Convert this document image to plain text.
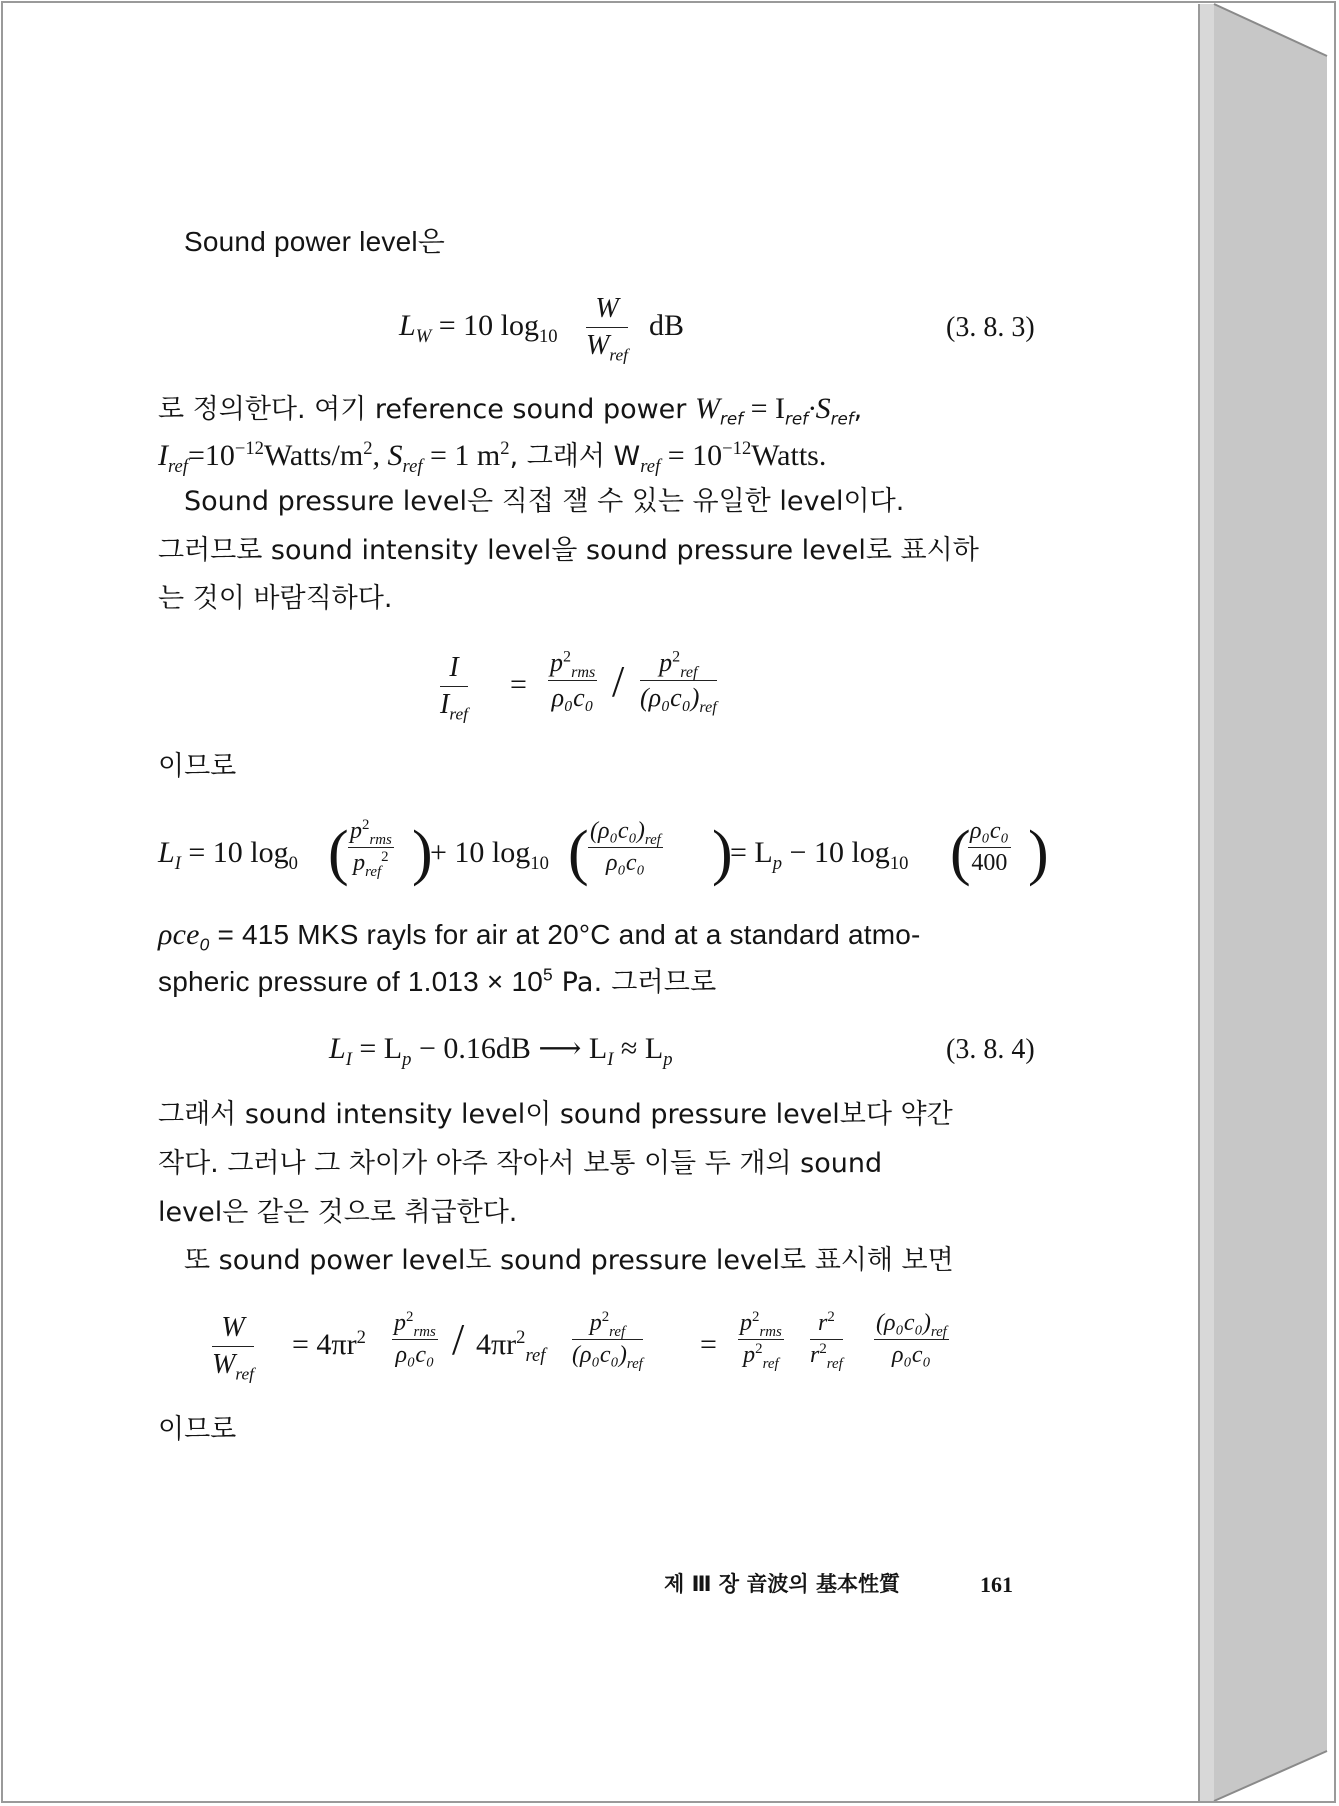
Sound power level은
$L_W = 10$ $\log_{10}$
W
$W_{ref}$
dB	(3. 8. 3)
로 정의한다. 여기 reference sound power $W_{ref} = I_{ref}\cdot S_{ref}$,
$I_{ref}=10^{-12}Watts/m^2$, $S_{ref} = 1$ $m^2$, 그래서 $W_{ref}$ = $10^{-12}Watts$.
Sound pressure level은 직접 잴 수 있는 유일한 level이다.
그러므로 sound intensity level을 sound pressure level로 표시하
는 것이 바람직하다.
I
$I_{ref}$
=
$p^2_{rms}$
ρ₀c₀ /	$p^2_{ref}$
$(\rho_0c_0)_{ref}$
이므로
$L_I = 10$ $\log_0$ ( $p^2_{rms}$
$p_{ref}^2$ )
+ 10 $\log_{10}$ ( $(\rho_0c_0)_{ref}$
ρ₀c₀ )
= $L_p - 10$ $\log_{10}$ (
$\frac{\text{ρ₀c₀}}{400}$ )
ρce$_0$ = 415 MKS rayls for air at 20°C and at a standard atmo-
spheric pressure of $1.013 \times 10^5$ Pa. 그러므로
$L_I = L_p - 0.16dB$ ⟶ $L_I \approx L_p$	(3. 8. 4)
그래서 sound intensity level이 sound pressure level보다 약간
작다. 그러나 그 차이가 아주 작아서 보통 이들 두 개의 sound
level은 같은 것으로 취급한다.
또 sound power level도 sound pressure level로 표시해 보면
W
$W_{ref}$
= $4\pi r^2$
$p^2_{rms}$
$\rho_0c_0 / 4\pi r^2_{ref}$
$p^2_{ref}$
$(\rho_0c_0)_{ref}$
=
$p^2_{rms}$
$p^2_{ref}$
$r^2$
$r^2_{ref}$
$(\rho_0c_0)_{ref}$
ρ₀c₀
이므로
제 Ⅲ 장 音波의 基本性質	161
